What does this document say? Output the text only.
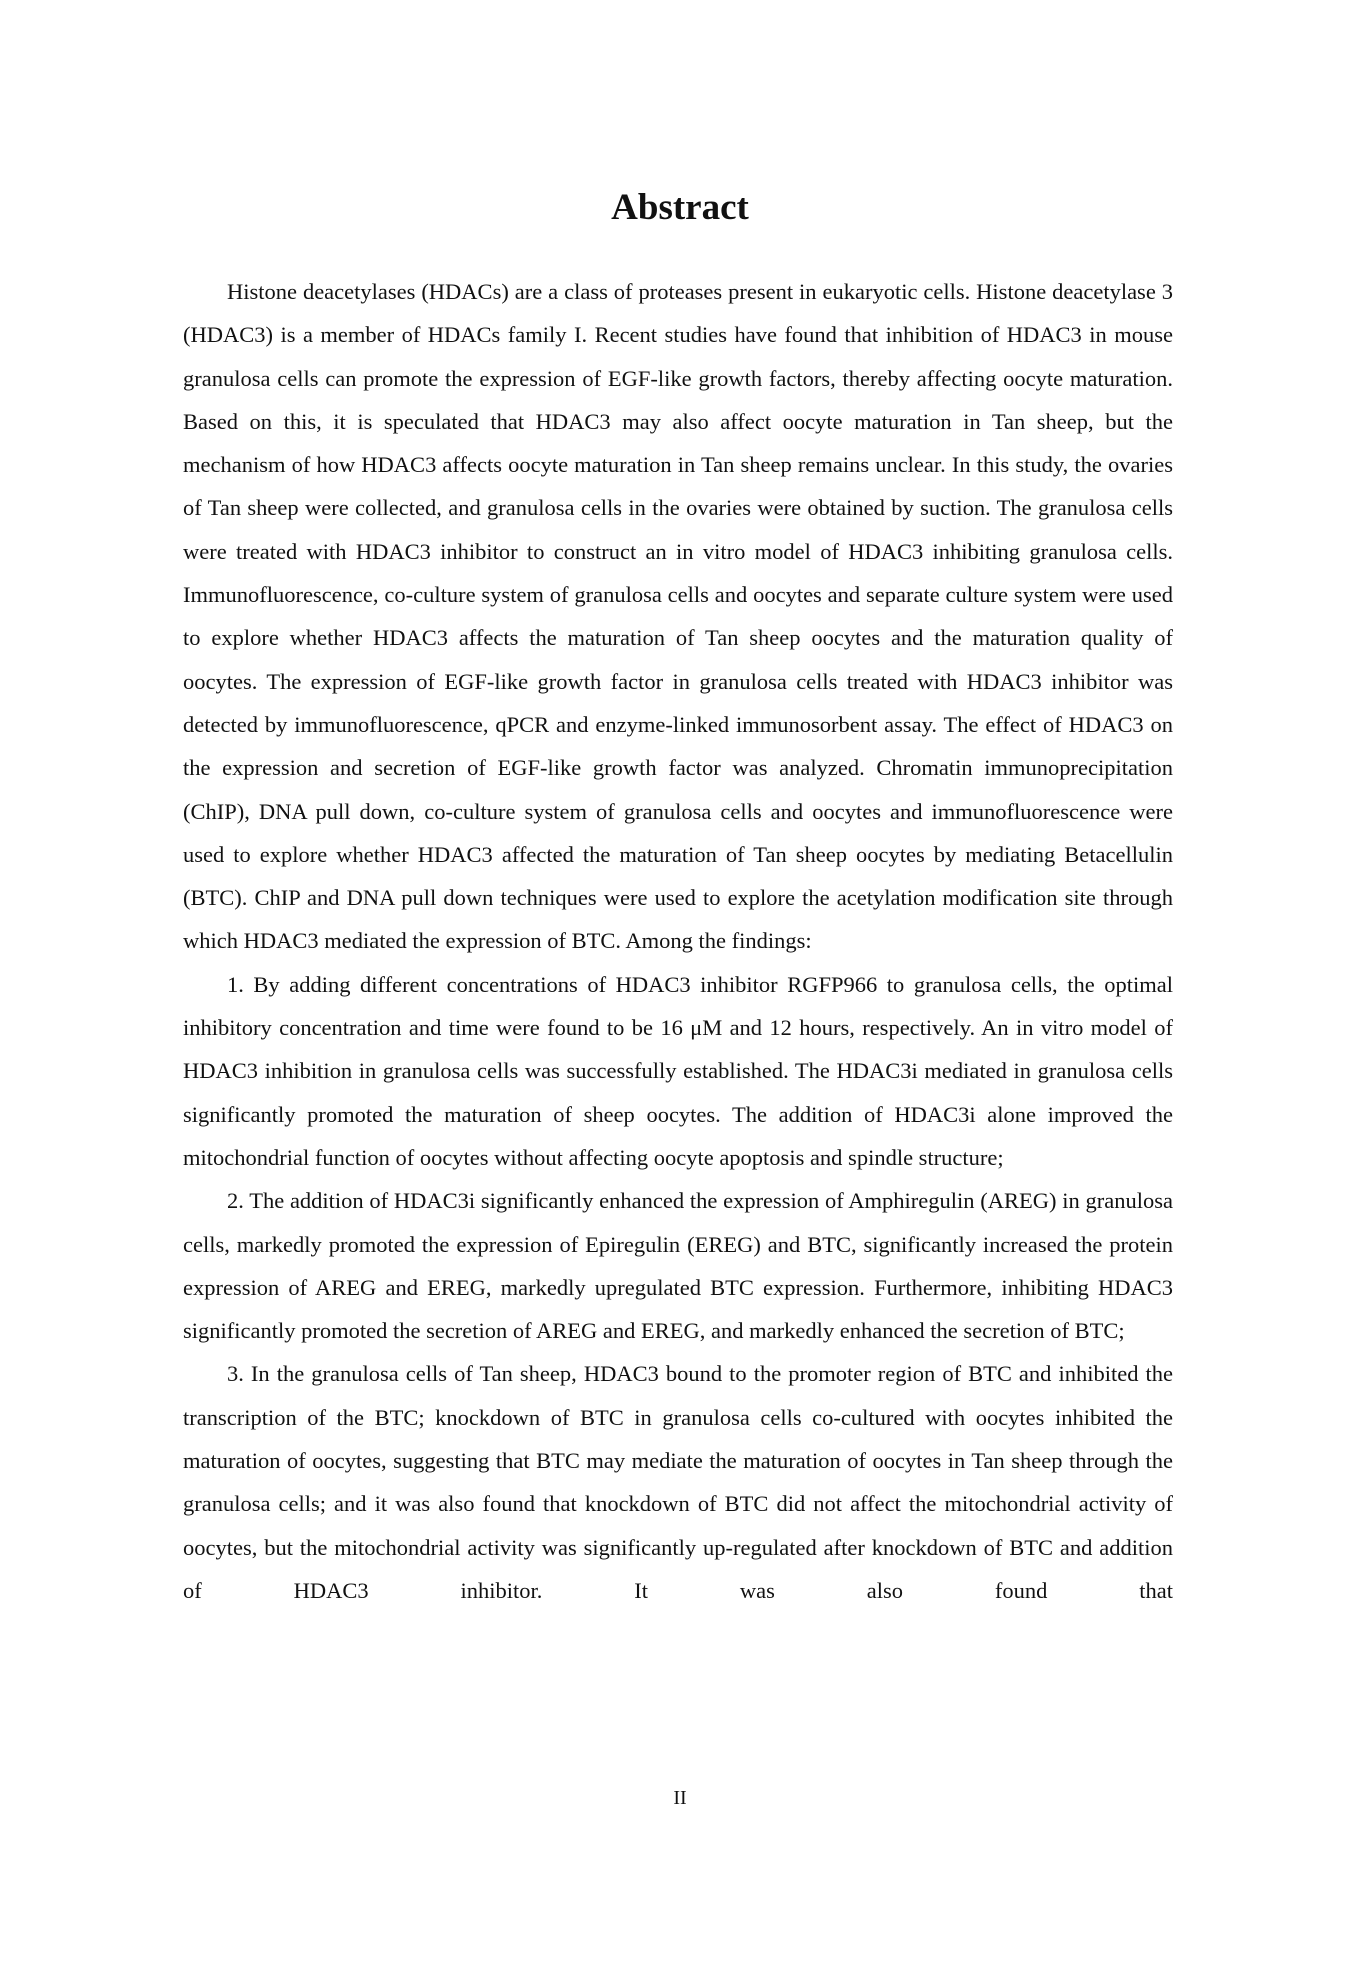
Abstract

Histone deacetylases (HDACs) are a class of proteases present in eukaryotic cells. Histone deacetylase 3 (HDAC3) is a member of HDACs family I. Recent studies have found that inhibition of HDAC3 in mouse granulosa cells can promote the expression of EGF-like growth factors, thereby affecting oocyte maturation. Based on this, it is speculated that HDAC3 may also affect oocyte maturation in Tan sheep, but the mechanism of how HDAC3 affects oocyte maturation in Tan sheep remains unclear. In this study, the ovaries of Tan sheep were collected, and granulosa cells in the ovaries were obtained by suction. The granulosa cells were treated with HDAC3 inhibitor to construct an in vitro model of HDAC3 inhibiting granulosa cells. Immunofluorescence, co-culture system of granulosa cells and oocytes and separate culture system were used to explore whether HDAC3 affects the maturation of Tan sheep oocytes and the maturation quality of oocytes. The expression of EGF-like growth factor in granulosa cells treated with HDAC3 inhibitor was detected by immunofluorescence, qPCR and enzyme-linked immunosorbent assay. The effect of HDAC3 on the expression and secretion of EGF-like growth factor was analyzed. Chromatin immunoprecipitation (ChIP), DNA pull down, co-culture system of granulosa cells and oocytes and immunofluorescence were used to explore whether HDAC3 affected the maturation of Tan sheep oocytes by mediating Betacellulin (BTC). ChIP and DNA pull down techniques were used to explore the acetylation modification site through which HDAC3 mediated the expression of BTC. Among the findings:

1. By adding different concentrations of HDAC3 inhibitor RGFP966 to granulosa cells, the optimal inhibitory concentration and time were found to be 16 μM and 12 hours, respectively. An in vitro model of HDAC3 inhibition in granulosa cells was successfully established. The HDAC3i mediated in granulosa cells significantly promoted the maturation of sheep oocytes. The addition of HDAC3i alone improved the mitochondrial function of oocytes without affecting oocyte apoptosis and spindle structure;

2. The addition of HDAC3i significantly enhanced the expression of Amphiregulin (AREG) in granulosa cells, markedly promoted the expression of Epiregulin (EREG) and BTC, significantly increased the protein expression of AREG and EREG, markedly upregulated BTC expression. Furthermore, inhibiting HDAC3 significantly promoted the secretion of AREG and EREG, and markedly enhanced the secretion of BTC;

3. In the granulosa cells of Tan sheep, HDAC3 bound to the promoter region of BTC and inhibited the transcription of the BTC; knockdown of BTC in granulosa cells co-cultured with oocytes inhibited the maturation of oocytes, suggesting that BTC may mediate the maturation of oocytes in Tan sheep through the granulosa cells; and it was also found that knockdown of BTC did not affect the mitochondrial activity of oocytes, but the mitochondrial activity was significantly up-regulated after knockdown of BTC and addition of HDAC3 inhibitor. It was also found that

II
